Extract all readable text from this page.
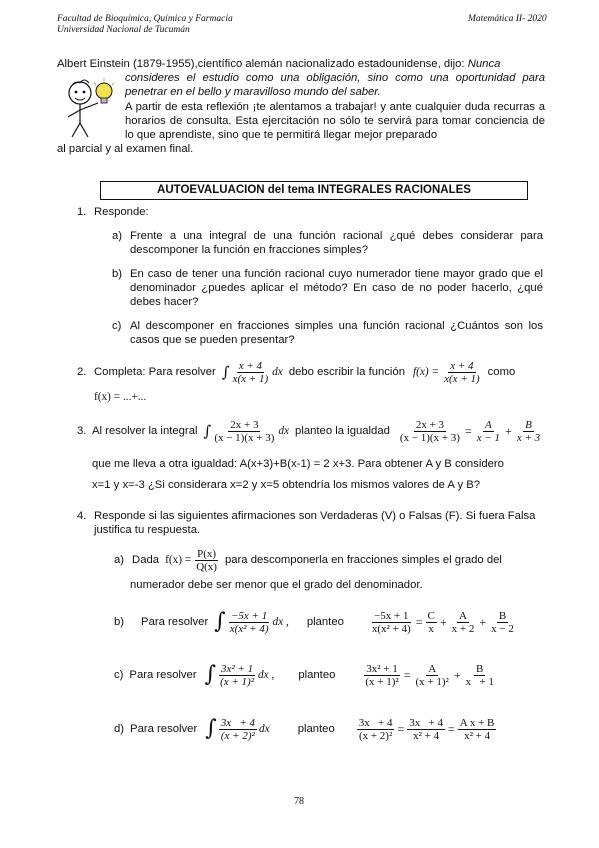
Facultad de Bioquímica, Química y Farmacia
Universidad Nacional de Tucumán
Matemática II- 2020
Albert Einstein (1879-1955),científico alemán nacionalizado estadounidense, dijo: Nunca
consideres el estudio como una obligación, sino como una oportunidad para penetrar en el bello y maravilloso mundo del saber.
A partir de esta reflexión ¡te alentamos a trabajar! y ante cualquier duda recurras a horarios de consulta. Esta ejercitación no sólo te servirá para tomar conciencia de lo que aprendiste, sino que te permitirá llegar mejor preparado
al parcial y al examen final.
AUTOEVALUACION del tema INTEGRALES RACIONALES
1. Responde:
a) Frente a una integral de una función racional ¿qué debes considerar para descomponer la función en fracciones simples?
b) En caso de tener una función racional cuyo numerador tiene mayor grado que el denominador ¿puedes aplicar el método? En caso de no poder hacerlo, ¿qué debes hacer?
c) Al descomponer en fracciones simples una función racional ¿Cuántos son los casos que se pueden presentar?
2. Completa: Para resolver ∫ $\frac{x + 4}{x(x + 1)}$ dx debo escribir la función $f(x) = \frac{x + 4}{x(x + 1)}$ como
f(x) = ...+...
3. Al resolver la integral ∫ $\frac{2x + 3}{(x - 1)(x + 3)}$ dx planteo la igualdad $\frac{2x + 3}{(x - 1)(x + 3)} = \frac{A}{x - 1} + \frac{B}{x + 3}$
que me lleva a otra igualdad: A(x+3)+B(x-1) = 2 x+3. Para obtener A y B considero
x=1 y x=-3 ¿Si considerara x=2 y x=5 obtendría los mismos valores de A y B?
4. Responde si las siguientes afirmaciones son Verdaderas (V) o Falsas (F). Si fuera Falsa justifica tu respuesta.
a) Dada $f(x) = \frac{P(x)}{Q(x)}$ para descomponerla en fracciones simples el grado del
numerador debe ser menor que el grado del denominador.
b) Para resolver ∫ $\frac{-5x + 1}{\text{x(x² + 4)}}$ dx , planteo $\frac{-5x + 1}{\text{x(x² + 4)}} = \frac{C}{x} + \frac{A}{x + 2} + \frac{B}{x - 2}$
c) Para resolver ∫ $\frac{\text{3x² + 1}}{\text{(x + 1)²}}$ dx , planteo	$\frac{\text{3x² + 1}}{\text{(x + 1)²}} = \frac{A}{\text{(x + 1)²}} + \frac{B}{x + 1}$
d) Para resolver ∫ $\frac{3x + 4}{\text{(x + 2)²}}$ dx planteo $\frac{3x + 4}{\text{(x + 2)²}} = \frac{3x + 4}{\text{x² + 4}} = \frac{\text{A x + B}}{\text{x² + 4}}$
78
